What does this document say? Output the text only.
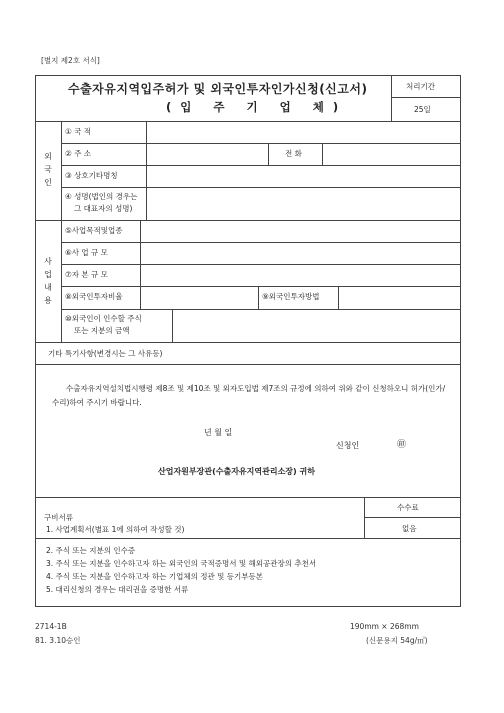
[별지 제2호 서식]
수출자유지역입주허가 및 외국인투자인가신청(신고서)
(입 주 기 업 체)
처리기간
25일
외국인
사업내용
① 국 적
② 주 소	전 화
③ 상호기타명칭
④ 성명(법인의 경우는
그 대표자의 성명)
⑤사업목적및업종
⑥사 업 규 모
⑦자 본 규 모
⑧외국인투자비율	⑨외국인투자방법
⑩외국인이 인수할 주식
또는 지분의 금액
기타 특기사항(변경시는 그 사유등)
수출자유지역설치법시행령 제8조 및 제10조 및 외자도입법 제7조의 규정에 의하여 위와 같이 신청하오니 허가(인가/수리)하여 주시기 바랍니다.
년 월 일
신청인	㊞
산업자원부장관(수출자유지역관리소장) 귀하
구비서류
1. 사업계획서(별표 1에 의하여 작성할 것)
2. 주식 또는 지분의 인수증
3. 주식 또는 지분을 인수하고자 하는 외국인의 국적증명서 및 해외공관장의 추천서
4. 주식 또는 지분을 인수하고자 하는 기업체의 정관 및 등기부등본
5. 대리신청의 경우는 대리권을 증명한 서류
수수료
없음
2714-1B
81. 3.10승인
190mm × 268mm
(신문용지 54g/㎡)
